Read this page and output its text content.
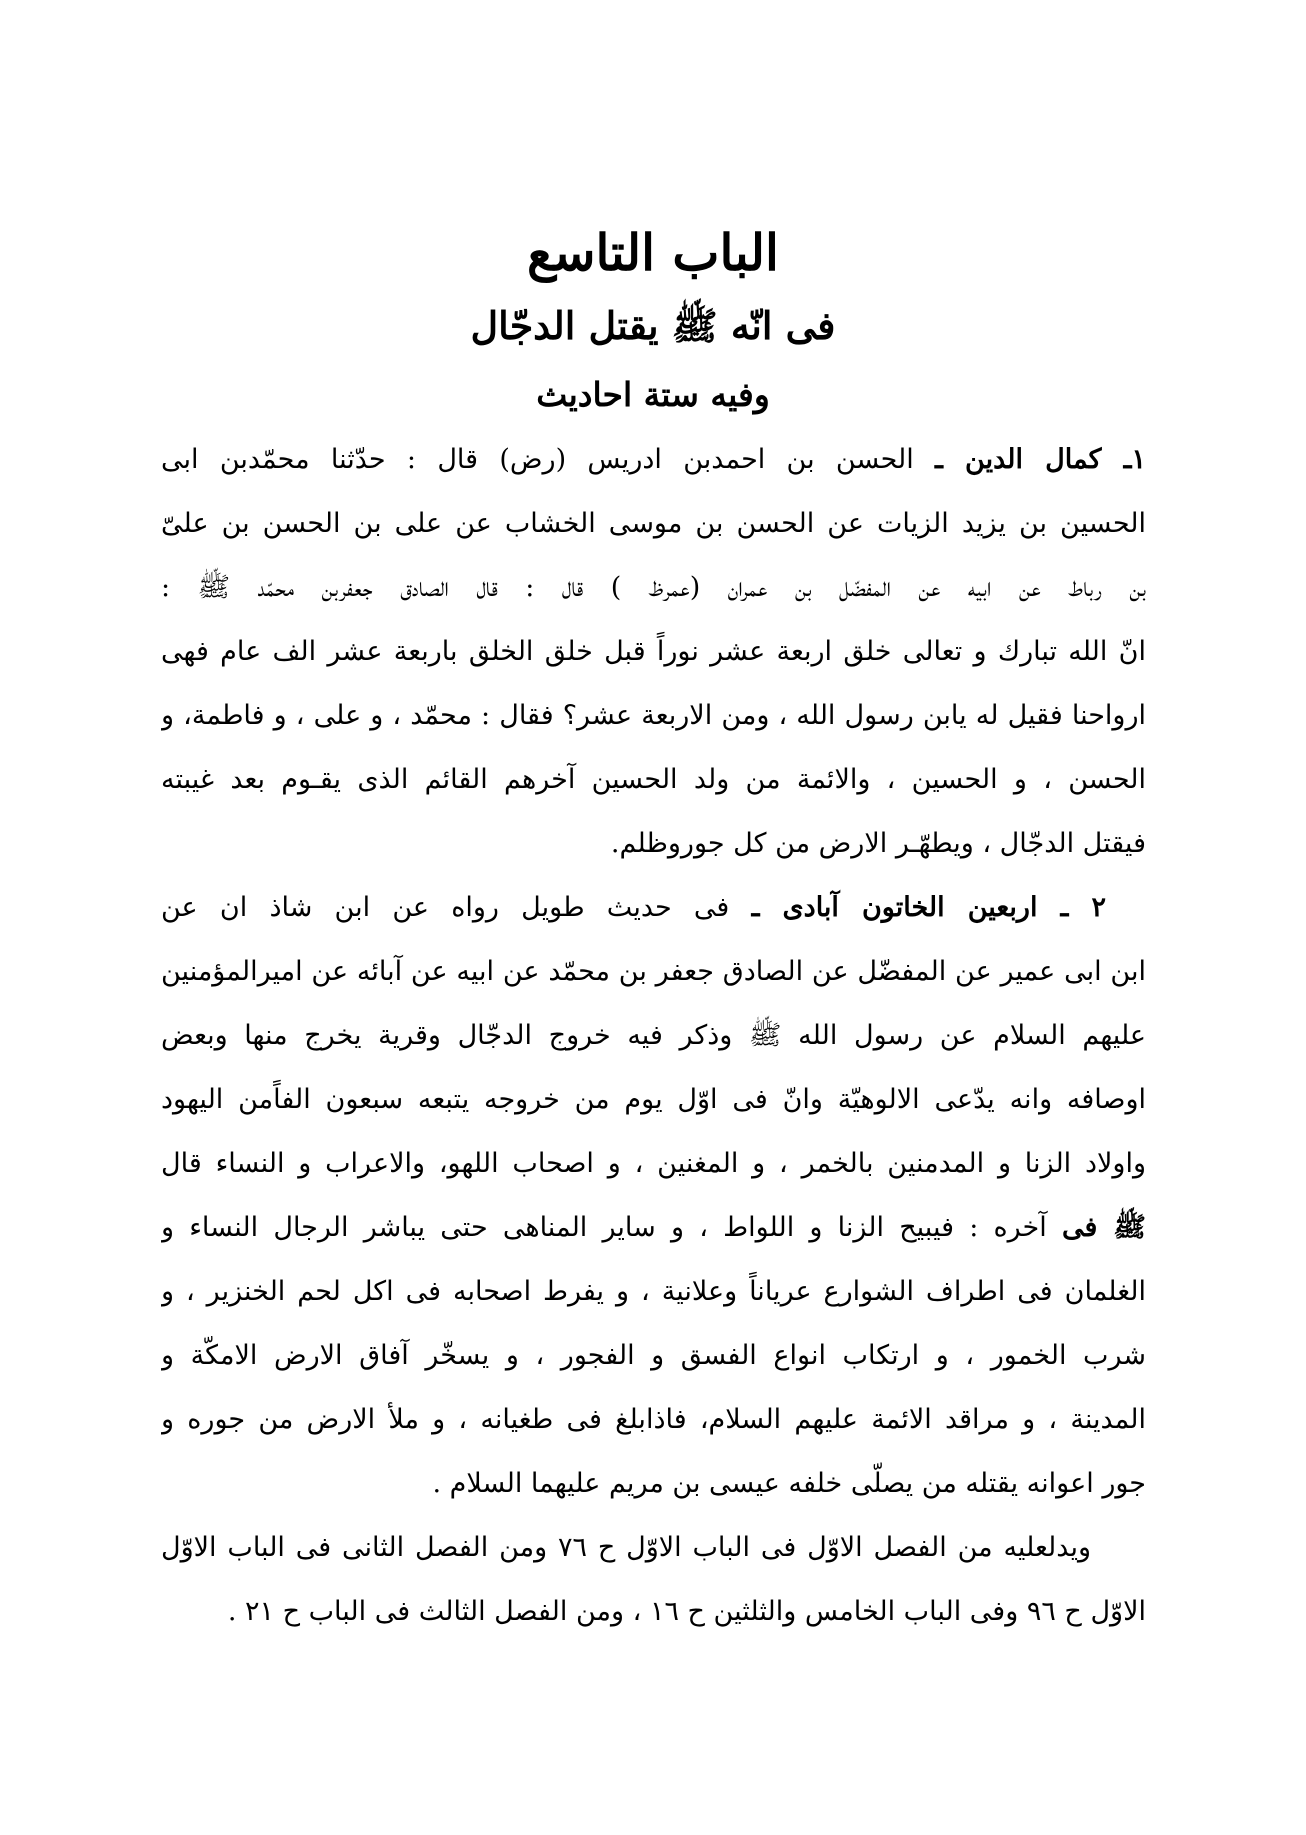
الباب التاسع
فى انّه ﷺ يقتل الدجّال
وفيه ستة احاديث
١ـ كمال الدين ـ الحسن بن احمدبن ادريس (رض) قال : حدّثنا محمّدبن ابى
الحسين بن يزيد الزيات عن الحسن بن موسى الخشاب عن على بن الحسن بن علىّ
بن رباط عن ابيه عن المفضّل بن عمران (عمرظ ) قال : قال الصادق جعفربن محمّد ﷺ :
انّ الله تبارك و تعالى خلق اربعة عشر نوراً قبل خلق الخلق باربعة عشر الف عام فهى
ارواحنا فقيل له يابن رسول الله ، ومن الاربعة عشر؟ فقال : محمّد ، و على ، و فاطمة، و
الحسن ، و الحسين ، والائمة من ولد الحسين آخرهم القائم الذى يقـوم بعد غيبته
فيقتل الدجّال ، ويطهّـر الارض من كل جوروظلم.
٢ ـ اربعين الخاتون آبادى ـ فى حديث طويل رواه عن ابن شاذ ان عن
ابن ابى عمير عن المفضّل عن الصادق جعفر بن محمّد عن ابيه عن آبائه عن اميرالمؤمنين
عليهم السلام عن رسول الله ﷺ وذكر فيه خروج الدجّال وقرية يخرج منها وبعض
اوصافه وانه يدّعى الالوهيّة وانّ فى اوّل يوم من خروجه يتبعه سبعون الفاًمن اليهود
واولاد الزنا و المدمنين بالخمر ، و المغنين ، و اصحاب اللهو، والاعراب و النساء قال
ﷺ فى آخره : فيبيح الزنا و اللواط ، و ساير المناهى حتى يباشر الرجال النساء و
الغلمان فى اطراف الشوارع عرياناً وعلانية ، و يفرط اصحابه فى اكل لحم الخنزير ، و
شرب الخمور ، و ارتكاب انواع الفسق و الفجور ، و يسخّر آفاق الارض الامكّة و
المدينة ، و مراقد الائمة عليهم السلام، فاذابلغ فى طغيانه ، و ملأ الارض من جوره و
جور اعوانه يقتله من يصلّى خلفه عيسى بن مريم عليهما السلام .
ويدلعليه من الفصل الاوّل فى الباب الاوّل ح ٧٦ ومن الفصل الثانى فى الباب الاوّل
الاوّل ح ٩٦ وفى الباب الخامس والثلثين ح ١٦ ، ومن الفصل الثالث فى الباب ح ٢١ .
